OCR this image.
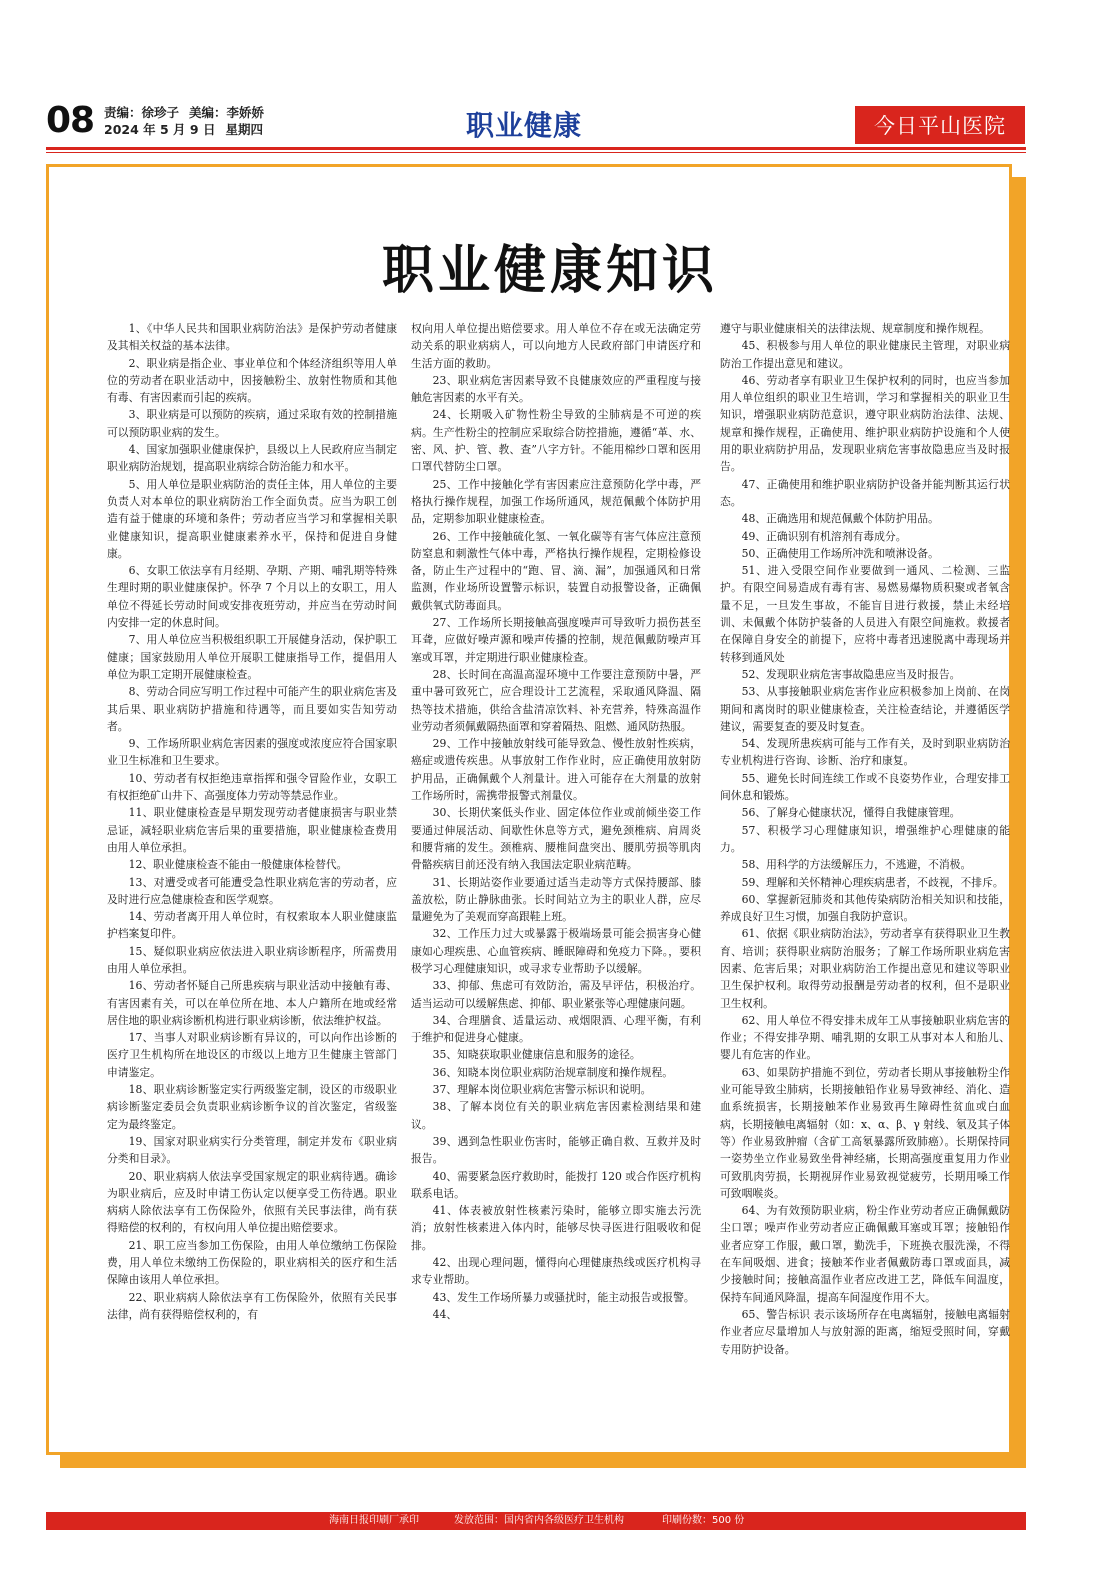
08 责编：徐珍子 美编：李娇娇
2024 年 5 月 9 日 星期四	职业健康	今日平山医院
职业健康知识

1、《中华人民共和国职业病防治法》是保护劳动者健康及其相关权益的基本法律。

2、职业病是指企业、事业单位和个体经济组织等用人单位的劳动者在职业活动中，因接触粉尘、放射性物质和其他有毒、有害因素而引起的疾病。

3、职业病是可以预防的疾病，通过采取有效的控制措施可以预防职业病的发生。

4、国家加强职业健康保护，县级以上人民政府应当制定职业病防治规划，提高职业病综合防治能力和水平。

5、用人单位是职业病防治的责任主体，用人单位的主要负责人对本单位的职业病防治工作全面负责。应当为职工创造有益于健康的环境和条件；劳动者应当学习和掌握相关职业健康知识，提高职业健康素养水平，保持和促进自身健康。

6、女职工依法享有月经期、孕期、产期、哺乳期等特殊生理时期的职业健康保护。怀孕 7 个月以上的女职工，用人单位不得延长劳动时间或安排夜班劳动，并应当在劳动时间内安排一定的休息时间。

7、用人单位应当积极组织职工开展健身活动，保护职工健康；国家鼓励用人单位开展职工健康指导工作，提倡用人单位为职工定期开展健康检查。

8、劳动合同应写明工作过程中可能产生的职业病危害及其后果、职业病防护措施和待遇等，而且要如实告知劳动者。

9、工作场所职业病危害因素的强度或浓度应符合国家职业卫生标准和卫生要求。

10、劳动者有权拒绝违章指挥和强令冒险作业，女职工有权拒绝矿山井下、高强度体力劳动等禁忌作业。

11、职业健康检查是早期发现劳动者健康损害与职业禁忌证，减轻职业病危害后果的重要措施，职业健康检查费用由用人单位承担。

12、职业健康检查不能由一般健康体检替代。

13、对遭受或者可能遭受急性职业病危害的劳动者，应及时进行应急健康检查和医学观察。

14、劳动者离开用人单位时，有权索取本人职业健康监护档案复印件。

15、疑似职业病应依法进入职业病诊断程序，所需费用由用人单位承担。

16、劳动者怀疑自己所患疾病与职业活动中接触有毒、有害因素有关，可以在单位所在地、本人户籍所在地或经常居住地的职业病诊断机构进行职业病诊断，依法维护权益。

17、当事人对职业病诊断有异议的，可以向作出诊断的医疗卫生机构所在地设区的市级以上地方卫生健康主管部门申请鉴定。

18、职业病诊断鉴定实行两级鉴定制，设区的市级职业病诊断鉴定委员会负责职业病诊断争议的首次鉴定，省级鉴定为最终鉴定。

19、国家对职业病实行分类管理，制定并发布《职业病分类和目录》。

20、职业病病人依法享受国家规定的职业病待遇。确诊为职业病后，应及时申请工伤认定以便享受工伤待遇。职业病病人除依法享有工伤保险外，依照有关民事法律，尚有获得赔偿的权利的，有权向用人单位提出赔偿要求。

21、职工应当参加工伤保险，由用人单位缴纳工伤保险费，用人单位未缴纳工伤保险的，职业病相关的医疗和生活保障由该用人单位承担。

22、职业病病人除依法享有工伤保险外，依照有关民事法律，尚有获得赔偿权利的，有

权向用人单位提出赔偿要求。用人单位不存在或无法确定劳动关系的职业病病人，可以向地方人民政府部门申请医疗和生活方面的救助。

23、职业病危害因素导致不良健康效应的严重程度与接触危害因素的水平有关。

24、长期吸入矿物性粉尘导致的尘肺病是不可逆的疾病。生产性粉尘的控制应采取综合防控措施，遵循“革、水、密、风、护、管、教、查”八字方针。不能用棉纱口罩和医用口罩代替防尘口罩。

25、工作中接触化学有害因素应注意预防化学中毒，严格执行操作规程，加强工作场所通风，规范佩戴个体防护用品，定期参加职业健康检查。

26、工作中接触硫化氢、一氧化碳等有害气体应注意预防窒息和刺激性气体中毒，严格执行操作规程，定期检修设备，防止生产过程中的“跑、冒、滴、漏”，加强通风和日常监测，作业场所设置警示标识，装置自动报警设备，正确佩戴供氧式防毒面具。

27、工作场所长期接触高强度噪声可导致听力损伤甚至耳聋，应做好噪声源和噪声传播的控制，规范佩戴防噪声耳塞或耳罩，并定期进行职业健康检查。

28、长时间在高温高湿环境中工作要注意预防中暑，严重中暑可致死亡，应合理设计工艺流程，采取通风降温、隔热等技术措施，供给含盐清凉饮料、补充营养，特殊高温作业劳动者须佩戴隔热面罩和穿着隔热、阻燃、通风防热服。

29、工作中接触放射线可能导致急、慢性放射性疾病，癌症或遗传疾患。从事放射工作作业时，应正确使用放射防护用品，正确佩戴个人剂量计。进入可能存在大剂量的放射工作场所时，需携带报警式剂量仪。

30、长期伏案低头作业、固定体位作业或前倾坐姿工作要通过伸展活动、间歇性休息等方式，避免颈椎病、肩周炎和腰背痛的发生。颈椎病、腰椎间盘突出、腰肌劳损等肌肉骨骼疾病目前还没有纳入我国法定职业病范畴。

31、长期站姿作业要通过适当走动等方式保持腰部、膝盖放松，防止静脉曲张。长时间站立为主的职业人群，应尽量避免为了美观而穿高跟鞋上班。

32、工作压力过大或暴露于极端场景可能会损害身心健康如心理疾患、心血管疾病、睡眠障碍和免疫力下降。，要积极学习心理健康知识，或寻求专业帮助予以缓解。

33、抑郁、焦虑可有效防治，需及早评估，积极治疗。适当运动可以缓解焦虑、抑郁、职业紧张等心理健康问题。

34、合理膳食、适量运动、戒烟限酒、心理平衡，有利于维护和促进身心健康。

35、知晓获取职业健康信息和服务的途径。

36、知晓本岗位职业病防治规章制度和操作规程。

37、理解本岗位职业病危害警示标识和说明。

38、了解本岗位有关的职业病危害因素检测结果和建议。

39、遇到急性职业伤害时，能够正确自救、互救并及时报告。

40、需要紧急医疗救助时，能拨打 120 或合作医疗机构联系电话。

41、体表被放射性核素污染时，能够立即实施去污洗消；放射性核素进入体内时，能够尽快寻医进行阻吸收和促排。

42、出现心理问题，懂得向心理健康热线或医疗机构寻求专业帮助。

43、发生工作场所暴力或骚扰时，能主动报告或报警。

44、

遵守与职业健康相关的法律法规、规章制度和操作规程。

45、积极参与用人单位的职业健康民主管理，对职业病防治工作提出意见和建议。

46、劳动者享有职业卫生保护权利的同时，也应当参加用人单位组织的职业卫生培训，学习和掌握相关的职业卫生知识，增强职业病防范意识，遵守职业病防治法律、法规、规章和操作规程，正确使用、维护职业病防护设施和个人使用的职业病防护用品，发现职业病危害事故隐患应当及时报告。

47、正确使用和维护职业病防护设备并能判断其运行状态。

48、正确选用和规范佩戴个体防护用品。

49、正确识别有机溶剂有毒成分。

50、正确使用工作场所冲洗和喷淋设备。

51、进入受限空间作业要做到一通风、二检测、三监护。有限空间易造成有毒有害、易燃易爆物质积聚或者氧含量不足，一旦发生事故，不能盲目进行救援，禁止未经培训、未佩戴个体防护装备的人员进入有限空间施救。救援者在保障自身安全的前提下，应将中毒者迅速脱离中毒现场并转移到通风处

52、发现职业病危害事故隐患应当及时报告。

53、从事接触职业病危害作业应积极参加上岗前、在岗期间和离岗时的职业健康检查，关注检查结论，并遵循医学建议，需要复查的要及时复查。

54、发现所患疾病可能与工作有关，及时到职业病防治专业机构进行咨询、诊断、治疗和康复。

55、避免长时间连续工作或不良姿势作业，合理安排工间休息和锻炼。

56、了解身心健康状况，懂得自我健康管理。

57、积极学习心理健康知识，增强维护心理健康的能力。

58、用科学的方法缓解压力，不逃避，不消极。

59、理解和关怀精神心理疾病患者，不歧视，不排斥。

60、掌握新冠肺炎和其他传染病防治相关知识和技能，养成良好卫生习惯，加强自我防护意识。

61、依据《职业病防治法》，劳动者享有获得职业卫生教育、培训；获得职业病防治服务；了解工作场所职业病危害因素、危害后果；对职业病防治工作提出意见和建议等职业卫生保护权利。取得劳动报酬是劳动者的权利，但不是职业卫生权利。

62、用人单位不得安排未成年工从事接触职业病危害的作业；不得安排孕期、哺乳期的女职工从事对本人和胎儿、婴儿有危害的作业。

63、如果防护措施不到位，劳动者长期从事接触粉尘作业可能导致尘肺病，长期接触铅作业易导致神经、消化、造血系统损害，长期接触苯作业易致再生障碍性贫血或白血病，长期接触电离辐射（如：x、α、β、γ 射线、氡及其子体等）作业易致肿瘤（含矿工高氡暴露所致肺癌）。长期保持同一姿势坐立作业易致坐骨神经痛，长期高强度重复用力作业可致肌肉劳损，长期视屏作业易致视觉疲劳，长期用嗓工作可致咽喉炎。

64、为有效预防职业病，粉尘作业劳动者应正确佩戴防尘口罩；噪声作业劳动者应正确佩戴耳塞或耳罩；接触铅作业者应穿工作服，戴口罩，勤洗手，下班换衣服洗澡，不得在车间吸烟、进食；接触苯作业者佩戴防毒口罩或面具，减少接触时间；接触高温作业者应改进工艺，降低车间温度，保持车间通风降温，提高车间湿度作用不大。

65、警告标识 表示该场所存在电离辐射，接触电离辐射作业者应尽量增加人与放射源的距离，缩短受照时间，穿戴专用防护设备。

海南日报印刷厂承印	发放范围：国内省内各级医疗卫生机构	印刷份数：500 份
